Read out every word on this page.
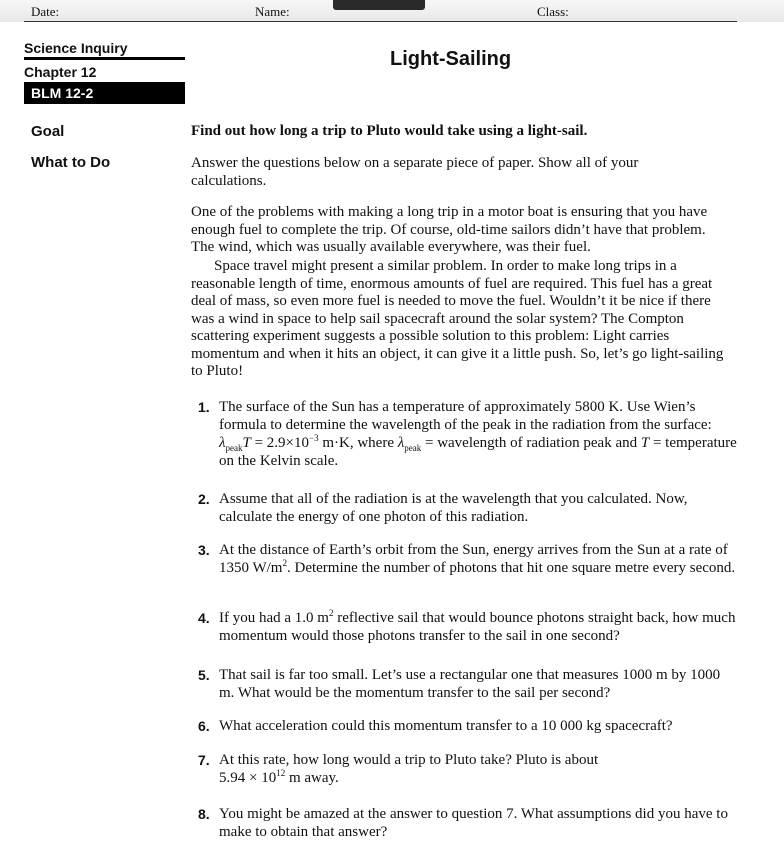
Date:	Name:	Class:
Science Inquiry
Chapter 12
BLM 12-2
Light-Sailing
Goal	Find out how long a trip to Pluto would take using a light-sail.
What to Do	Answer the questions below on a separate piece of paper. Show all of your calculations.

One of the problems with making a long trip in a motor boat is ensuring that you have enough fuel to complete the trip. Of course, old-time sailors didn’t have that problem. The wind, which was usually available everywhere, was their fuel.

Space travel might present a similar problem. In order to make long trips in a reasonable length of time, enormous amounts of fuel are required. This fuel has a great deal of mass, so even more fuel is needed to move the fuel. Wouldn’t it be nice if there was a wind in space to help sail spacecraft around the solar system? The Compton scattering experiment suggests a possible solution to this problem: Light carries momentum and when it hits an object, it can give it a little push. So, let’s go light-sailing to Pluto!

1. The surface of the Sun has a temperature of approximately 5800 K. Use Wien’s formula to determine the wavelength of the peak in the radiation from the surface: $\lambda_{peak}T = 2.9\times 10^{-3}$ m·K, where $\lambda_{peak}$ = wavelength of radiation peak and T = temperature on the Kelvin scale.
2. Assume that all of the radiation is at the wavelength that you calculated. Now, calculate the energy of one photon of this radiation.
3. At the distance of Earth’s orbit from the Sun, energy arrives from the Sun at a rate of 1350 $W/m^2$. Determine the number of photons that hit one square metre every second.
4. If you had a 1.0 $m^2$ reflective sail that would bounce photons straight back, how much momentum would those photons transfer to the sail in one second?
5. That sail is far too small. Let’s use a rectangular one that measures 1000 m by 1000 m. What would be the momentum transfer to the sail per second?
6. What acceleration could this momentum transfer to a 10 000 kg spacecraft?
7. At this rate, how long would a trip to Pluto take? Pluto is about
$5.94 \times 10^{12}$ m away.
8. You might be amazed at the answer to question 7. What assumptions did you have to make to obtain that answer?
